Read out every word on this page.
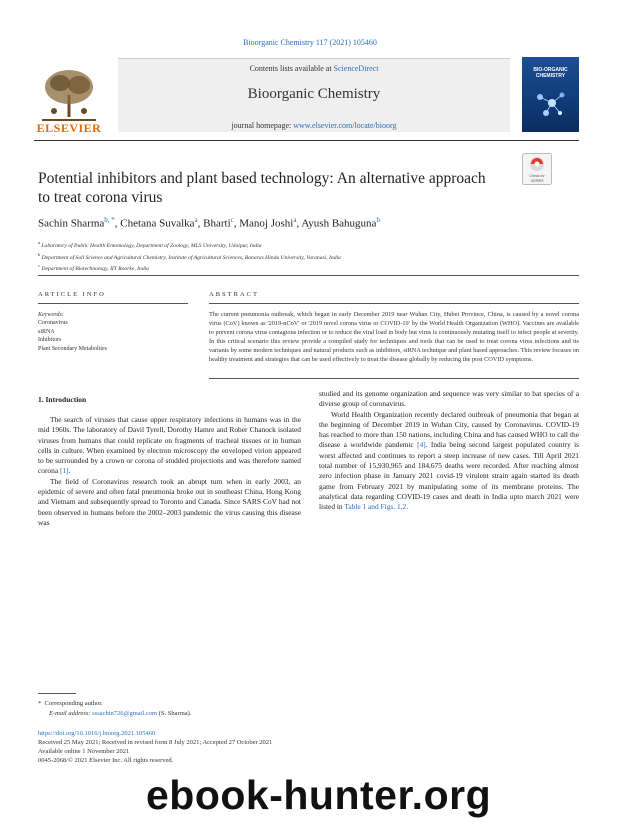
Bioorganic Chemistry 117 (2021) 105460
ELSEVIER
Contents lists available at ScienceDirect
Bioorganic Chemistry
journal homepage: www.elsevier.com/locate/bioorg
BIO-ORGANIC CHEMISTRY
Potential inhibitors and plant based technology: An alternative approach to treat corona virus
Check for
updates
Sachin Sharma$^{b, *}$, Chetana Suvalka$^a$, Bharti$^c$, Manoj Joshi$^a$, Ayush Bahuguna$^b$
$^a$ Laboratory of Public Health Entomology, Department of Zoology, MLS University, Udaipur, India
$^b$ Department of Soil Science and Agricultural Chemistry, Institute of Agricultural Sciences, Banaras Hindu University, Varanasi, India
$^c$ Department of Biotechnology, IIT Roorke, India
ARTICLE INFO	ABSTRACT
Keywords:
Coronavirus
siRNA
Inhibitors
Plant Secondary Metabolites
The current pneumonia outbreak, which began in early December 2019 near Wuhan City, Hubei Province, China, is caused by a novel corona virus (CoV) known as '2019-nCoV' or '2019 novel corona virus or COVID-19' by the World Health Organization (WHO). Vaccines are available to prevent corona virus contagious infection or to reduce the viral load in body but virus is continuously mutating itself to infect people at severity. In this critical scenario this review provide a compiled study for techniques and tools that can be used to treat corona virus infections and its variants by some modern techniques and natural products such as inhibitors, siRNA technique and plant based approaches. This review focuses on healthy treatment and strategies that can be used effectively to treat the disease globally by reducing the post COVID symptoms.
1. Introduction

The search of viruses that cause upper respiratory infections in humans was in the mid 1960s. The laboratory of Davil Tyrell, Dorothy Hamre and Rober Chanock isolated viruses from humans that could replicate on fragments of tracheal tissues or in human cells in culture. When examined by electron microscopy the enveloped virion appeared to be surrounded by a crown or corona of studded projections and was therefore named corona [1].

The field of Coronavirus research took an abrupt turn when in early 2003, an epidemic of severe and often fatal pneumonia broke out in southeast China, Hong Kong and Vietnam and subsequently spread to Toronto and Canada. Since SARS CoV had not been observed in humans before the 2002–2003 pandemic the virus causing this disease was

studied and its genome organization and sequence was very similar to bat species of a diverse group of coronavirus.

World Health Organization recently declared outbreak of pneumonia that began at the beginning of December 2019 in Wuhan City, caused by Coronavirus. COVID-19 has reached to more than 150 nations, including China and has caused WHO to call the disease a worldwide pandemic [4]. India being second largest populated country is worst affected and continues to report a steep increase of new cases. Till April 2021 total number of 15,930,965 and 184,675 deaths were recorded. After reaching almost zero infection phase in January 2021 covid-19 virulent strain again started its death game from February 2021 by manipulating some of its membrane proteins. The analytical data regarding COVID-19 cases and death in India upto march 2021 were listed in Table 1 and Figs. 1,2.

* Corresponding author.
E-mail address: sssachin726@gmail.com (S. Sharma).
https://doi.org/10.1016/j.bioorg.2021.105460
Received 25 May 2021; Received in revised form 8 July 2021; Accepted 27 October 2021
Available online 1 November 2021
0045-2068/© 2021 Elsevier Inc. All rights reserved.
ebook-hunter.org
